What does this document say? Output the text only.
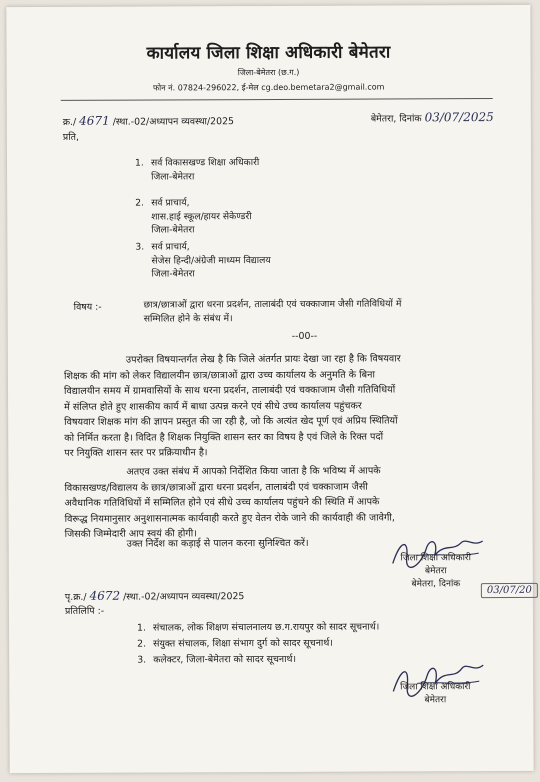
कार्यालय जिला शिक्षा अधिकारी बेमेतरा
जिला-बेमेतरा (छ.ग.)
फोन नं. 07824-296022, ई-मेल cg.deo.bemetara2@gmail.com
क्र./ 4671 /स्था.-02/अध्यापन व्यवस्था/2025	बेमेतरा, दिनांक 03/07/2025
प्रति,
1. सर्व विकासखण्ड शिक्षा अधिकारी
जिला-बेमेतरा
2. सर्व प्राचार्य,
शास.हाई स्कूल/हायर सेकेण्डरी
जिला-बेमेतरा
3. सर्व प्राचार्य,
सेजेस हिन्दी/अंग्रेजी माध्यम विद्यालय
जिला-बेमेतरा
विषय :-	छात्र/छात्राओं द्वारा धरना प्रदर्शन, तालाबंदी एवं चक्काजाम जैसी गतिविधियों में
सम्मिलित होने के संबंध में।
--00--
उपरोक्त विषयान्तर्गत लेख है कि जिले अंतर्गत प्रायः देखा जा रहा है कि विषयवार
शिक्षक की मांग को लेकर विद्यालयीन छात्र/छात्राओं द्वारा उच्च कार्यालय के अनुमति के बिना
विद्यालयीन समय में ग्रामवासियों के साथ धरना प्रदर्शन, तालाबंदी एवं चक्काजाम जैसी गतिविधियों
में संलिप्त होते हुए शासकीय कार्य में बाधा उत्पन्न करने एवं सीधे उच्च कार्यालय पहुंचकर
विषयवार शिक्षक मांग की ज्ञापन प्रस्तुत की जा रही है, जो कि अत्यंत खेद पूर्ण एवं अप्रिय स्थितियों
को निर्मित करता है। विदित है शिक्षक नियुक्ति शासन स्तर का विषय है एवं जिले के रिक्त पदों
पर नियुक्ति शासन स्तर पर प्रक्रियाधीन है।
अतएव उक्त संबंध में आपको निर्देशित किया जाता है कि भविष्य में आपके
विकासखण्ड/विद्यालय के छात्र/छात्राओं द्वारा धरना प्रदर्शन, तालाबंदी एवं चक्काजाम जैसी
अवैधानिक गतिविधियों में सम्मिलित होने एवं सीधे उच्च कार्यालय पहुंचने की स्थिति में आपके
विरूद्ध नियमानुसार अनुशासनात्मक कार्यवाही करते हुए वेतन रोके जाने की कार्यवाही की जावेगी,
जिसकी जिम्मेदारी आप स्वयं की होगी।
उक्त निर्देश का कड़ाई से पालन करना सुनिश्चित करें।
जिला शिक्षा अधिकारी
बेमेतरा
बेमेतरा, दिनांक
03/07/20
पृ.क्र./ 4672 /स्था.-02/अध्यापन व्यवस्था/2025
प्रतिलिपि :-
1. संचालक, लोक शिक्षण संचालनालय छ.ग.रायपुर को सादर सूचनार्थ।
2. संयुक्त संचालक, शिक्षा संभाग दुर्ग को सादर सूचनार्थ।
3. कलेक्टर, जिला-बेमेतरा को सादर सूचनार्थ।
जिला शिक्षा अधिकारी
बेमेतरा
